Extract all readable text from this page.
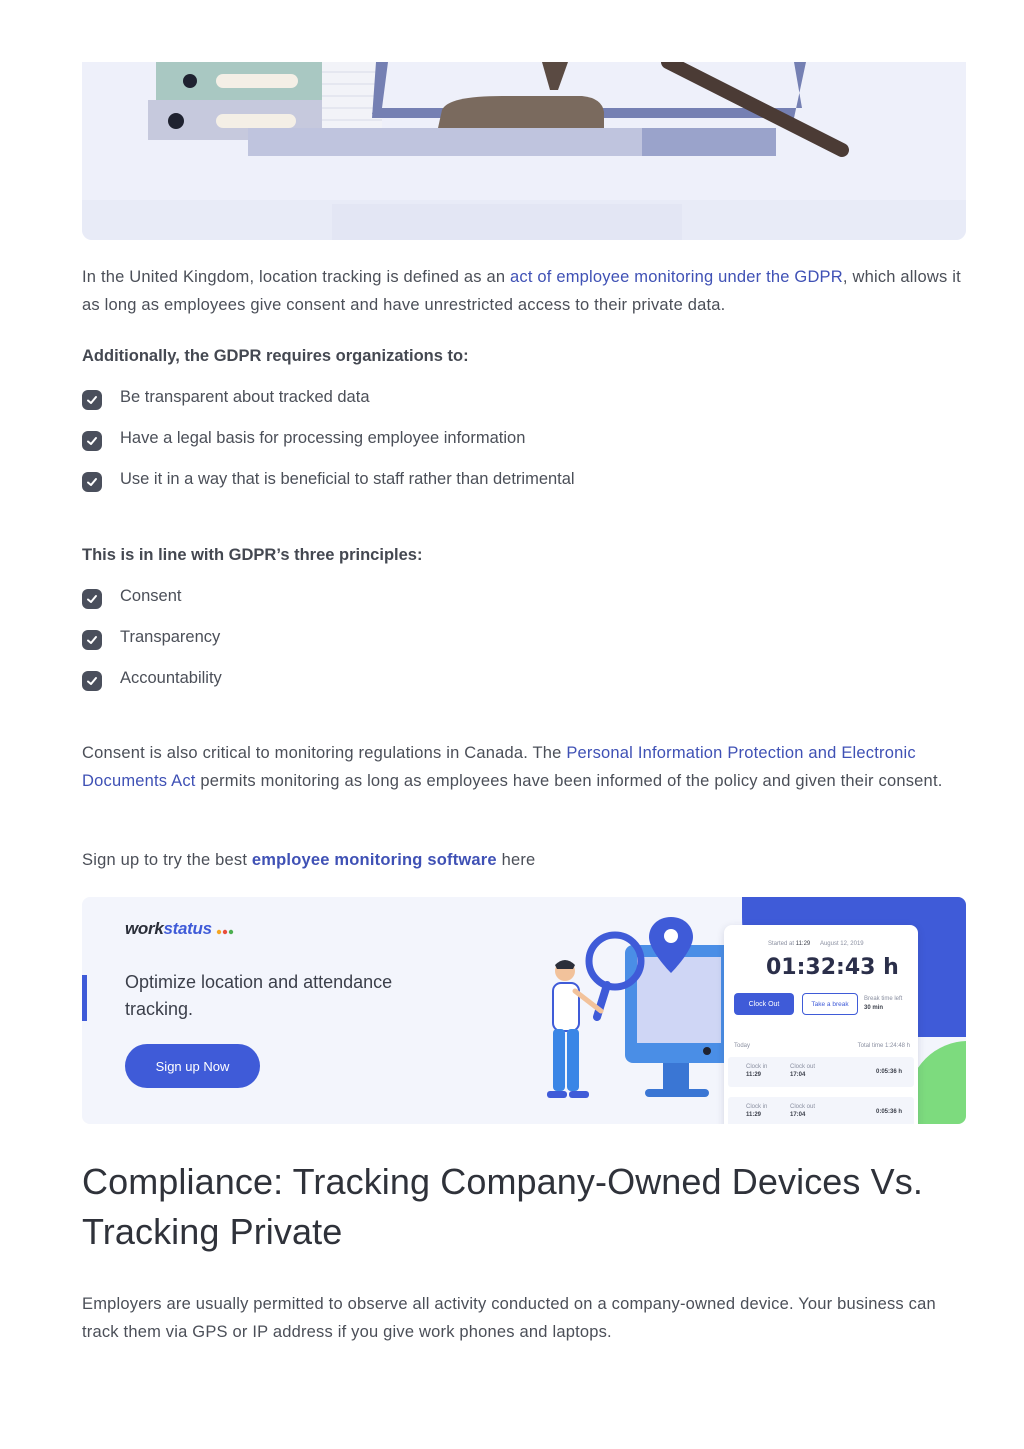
In the United Kingdom, location tracking is defined as an act of employee monitoring under the GDPR, which allows it as long as employees give consent and have unrestricted access to their private data.

Additionally, the GDPR requires organizations to:
Be transparent about tracked data
Have a legal basis for processing employee information
Use it in a way that is beneficial to staff rather than detrimental
This is in line with GDPR’s three principles:
Consent
Transparency
Accountability

Consent is also critical to monitoring regulations in Canada. The Personal Information Protection and Electronic Documents Act permits monitoring as long as employees have been informed of the policy and given their consent.

Sign up to try the best employee monitoring software here

workstatus
Optimize location and attendance
tracking.
Sign up Now
Started at 11:29 August 12, 2019
01:32:43 h
Clock Out	Take a break
Break time left
30 min
Today	Total time 1:24:48 h
Clock in
11:29
Clock out
17:04	0:05:36 h
Clock in
11:29
Clock out
17:04	0:05:36 h
Compliance: Tracking Company-Owned Devices Vs.
Tracking Private

Employers are usually permitted to observe all activity conducted on a company-owned device. Your business can track them via GPS or IP address if you give work phones and laptops.
